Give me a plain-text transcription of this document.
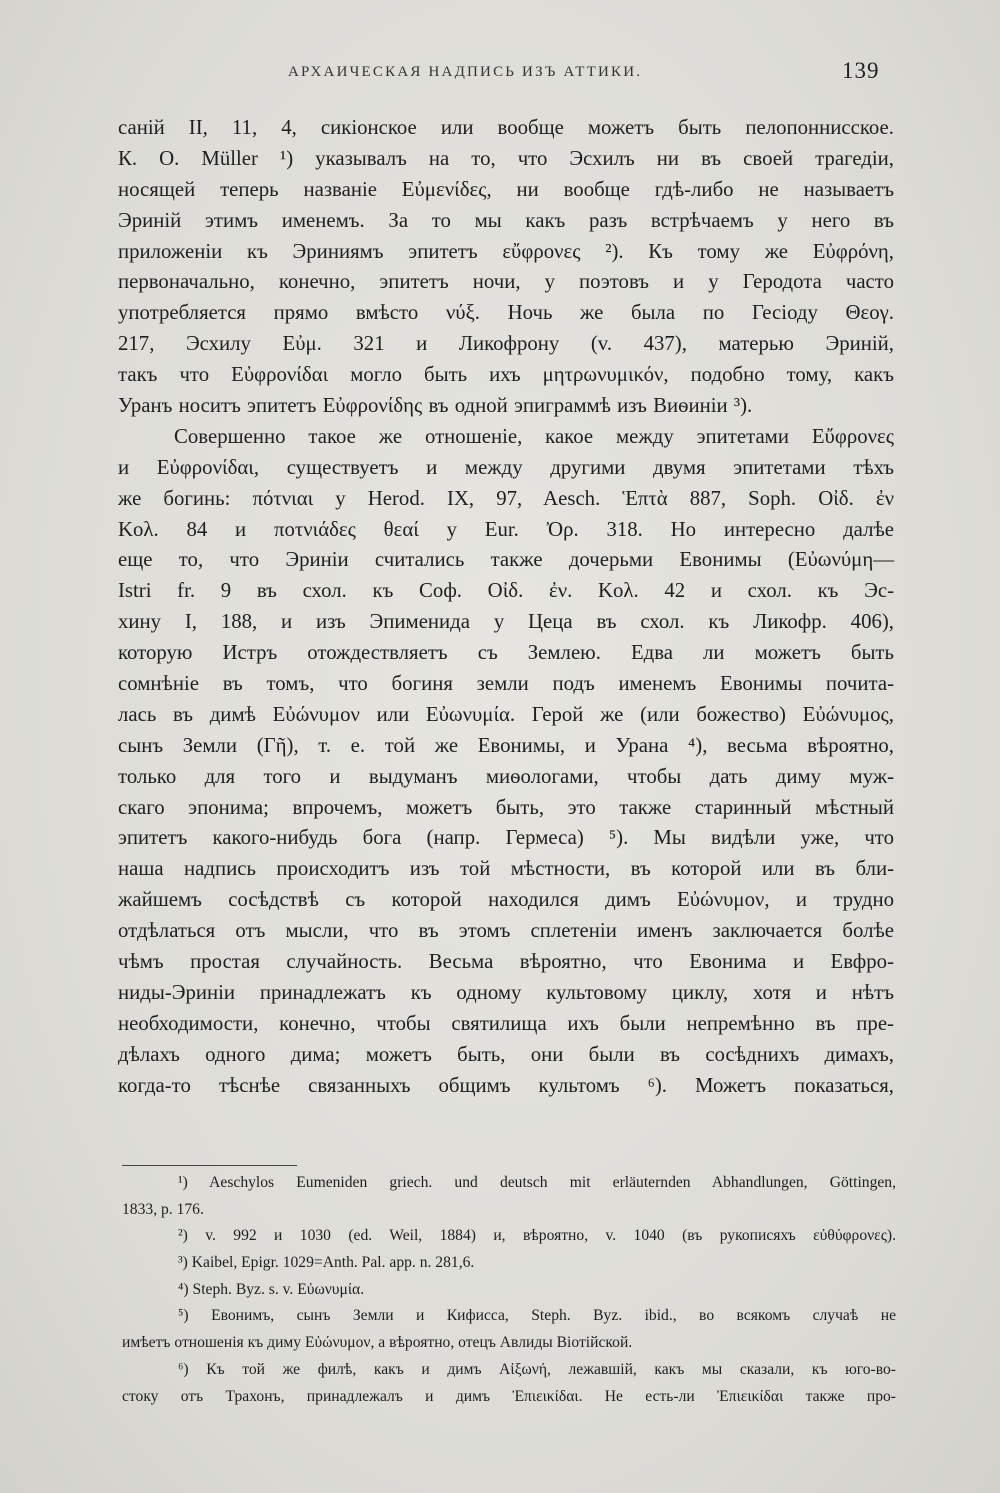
АРХАИЧЕСКАЯ НАДПИСЬ ИЗЪ АТТИКИ.	139
санiй II, 11, 4, сикiонское или вообще можетъ быть пелопоннисское.
К. О. Müller ¹) указывалъ на то, что Эсхилъ ни въ своей трагедiи,
носящей теперь названiе Εὐμενίδες, ни вообще гдѣ-либо не называетъ
Эринiй этимъ именемъ. За то мы какъ разъ встрѣчаемъ у него въ
приложенiи къ Эриниямъ эпитетъ εὔφρονες ²). Къ тому же Εὐφρόνη,
первоначально, конечно, эпитетъ ночи, у поэтовъ и у Геродота часто
употребляется прямо вмѣсто νύξ. Ночь же была по Гесiоду Θεογ.
217, Эсхилу Εὐμ. 321 и Ликофрону (v. 437), матерью Эринiй,
такъ что Εὐφρονίδαι могло быть ихъ μητρωνυμικόν, подобно тому, какъ
Уранъ носитъ эпитетъ Εὐφρονίδης въ одной эпиграммѣ изъ Виѳинiи ³).
Совершенно такое же отношенiе, какое между эпитетами Εὔφρονες
и Εὐφρονίδαι, существуетъ и между другими двумя эпитетами тѣхъ
же богинь: πότνιαι у Herod. IX, 97, Aesch. Ἑπτὰ 887, Soph. Οἰδ. ἐν
Κολ. 84 и ποτνιάδες θεαί у Eur. Ὀρ. 318. Но интересно далѣе
еще то, что Эринiи считались также дочерьми Евонимы (Εὐωνύμη—
Istri fr. 9 въ схол. къ Соф. Οἰδ. ἐν. Κολ. 42 и схол. къ Эс-
хину I, 188, и изъ Эпименида у Цеца въ схол. къ Ликофр. 406),
которую Истръ отождествляетъ съ Землею. Едва ли можетъ быть
сомнѣнiе въ томъ, что богиня земли подъ именемъ Евонимы почита-
лась въ димѣ Εὐώνυμον или Εὐωνυμία. Герой же (или божество) Εὐώνυμος,
сынъ Земли (Γῆ), т. е. той же Евонимы, и Урана ⁴), весьма вѣроятно,
только для того и выдуманъ миѳологами, чтобы дать диму муж-
скаго эпонима; впрочемъ, можетъ быть, это также старинный мѣстный
эпитетъ какого-нибудь бога (напр. Гермеса) ⁵). Мы видѣли уже, что
наша надпись происходитъ изъ той мѣстности, въ которой или въ бли-
жайшемъ сосѣдствѣ съ которой находился димъ Εὐώνυμον, и трудно
отдѣлаться отъ мысли, что въ этомъ сплетенiи именъ заключается болѣе
чѣмъ простая случайность. Весьма вѣроятно, что Евонима и Евфро-
ниды-Эринiи принадлежатъ къ одному культовому циклу, хотя и нѣтъ
необходимости, конечно, чтобы святилища ихъ были непремѣнно въ пре-
дѣлахъ одного дима; можетъ быть, они были въ сосѣднихъ димахъ,
когда-то тѣснѣе связанныхъ общимъ культомъ ⁶). Можетъ показаться,
¹) Aeschylos Eumeniden griech. und deutsch mit erläuternden Abhandlungen, Göttingen,
1833, p. 176.
²) v. 992 и 1030 (ed. Weil, 1884) и, вѣроятно, v. 1040 (въ рукописяхъ εὐθύφρονες).
³) Kaibel, Epigr. 1029=Anth. Pal. app. n. 281,6.
⁴) Steph. Byz. s. v. Εὐωνυμία.
⁵) Евонимъ, сынъ Земли и Кифисса, Steph. Byz. ibid., во всякомъ случаѣ не
имѣетъ отношенiя къ диму Εὐώνυμον, а вѣроятно, отецъ Авлиды Вiотiйской.
⁶) Къ той же филѣ, какъ и димъ Αἰξωνή, лежавшiй, какъ мы сказали, къ юго-во-
стоку отъ Трахонъ, принадлежалъ и димъ Ἐπιεικίδαι. Не есть-ли Ἐπιεικίδαι также про-
